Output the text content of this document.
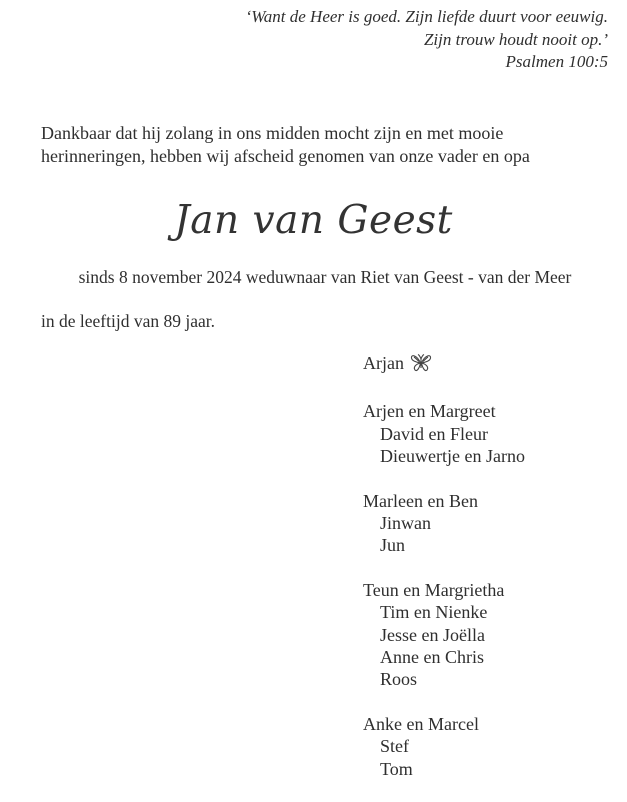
‘Want de Heer is goed. Zijn liefde duurt voor eeuwig.
Zijn trouw houdt nooit op.’
Psalmen 100:5
Dankbaar dat hij zolang in ons midden mocht zijn en met mooie
herinneringen, hebben wij afscheid genomen van onze vader en opa
Jan van Geest
sinds 8 november 2024 weduwnaar van Riet van Geest - van der Meer
in de leeftijd van 89 jaar.
Arjan
Arjen en Margreet
David en Fleur
Dieuwertje en Jarno
Marleen en Ben
Jinwan
Jun
Teun en Margrietha
Tim en Nienke
Jesse en Joëlla
Anne en Chris
Roos
Anke en Marcel
Stef
Tom
